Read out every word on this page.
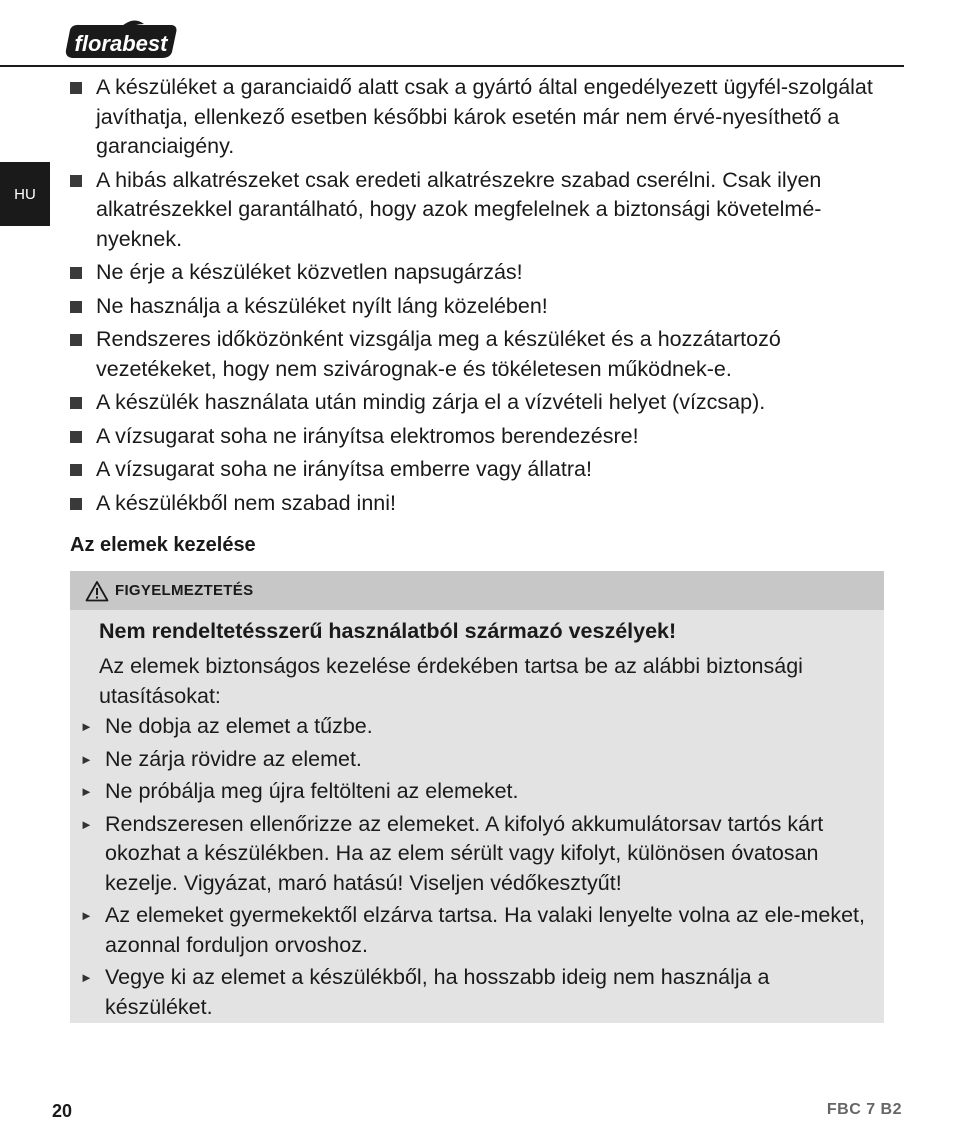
florabest
HU
A készüléket a garanciaidő alatt csak a gyártó által engedélyezett ügyfél-szolgálat javíthatja, ellenkező esetben későbbi károk esetén már nem érvé-nyesíthető a garanciaigény.
A hibás alkatrészeket csak eredeti alkatrészekre szabad cserélni. Csak ilyen alkatrészekkel garantálható, hogy azok megfelelnek a biztonsági követelmé-nyeknek.
Ne érje a készüléket közvetlen napsugárzás!
Ne használja a készüléket nyílt láng közelében!
Rendszeres időközönként vizsgálja meg a készüléket és a hozzátartozó vezetékeket, hogy nem szivárognak-e és tökéletesen működnek-e.
A készülék használata után mindig zárja el a vízvételi helyet (vízcsap).
A vízsugarat soha ne irányítsa elektromos berendezésre!
A vízsugarat soha ne irányítsa emberre vagy állatra!
A készülékből nem szabad inni!
Az elemek kezelése
FIGYELMEZTETÉS
Nem rendeltetésszerű használatból származó veszélyek!
Az elemek biztonságos kezelése érdekében tartsa be az alábbi biztonsági utasításokat:
► Ne dobja az elemet a tűzbe.
► Ne zárja rövidre az elemet.
► Ne próbálja meg újra feltölteni az elemeket.
► Rendszeresen ellenőrizze az elemeket. A kifolyó akkumulátorsav tartós kárt okozhat a készülékben. Ha az elem sérült vagy kifolyt, különösen óvatosan kezelje. Vigyázat, maró hatású! Viseljen védőkesztyűt!
► Az elemeket gyermekektől elzárva tartsa. Ha valaki lenyelte volna az ele-meket, azonnal forduljon orvoshoz.
► Vegye ki az elemet a készülékből, ha hosszabb ideig nem használja a készüléket.
20	FBC 7 B2
